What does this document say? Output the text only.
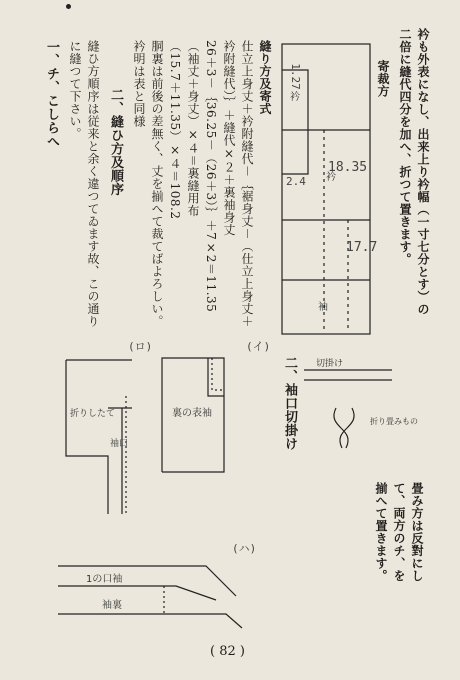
衿も外表になし、出来上り衿幅（一寸七分とす）の
二倍に縫代四分を加へ、折つて置きます。
寄裁方
衿
衿
袖
1.27
18.35
17.7
2.4
縫り方及寄式
仕立上身丈＋衿附縫代－｛裾身丈－（仕立上身丈＋
衿附縫代）｝＋縫代×２＋裏袖身丈
26＋3－｛36.25－（26＋3）｝＋7×2＝11.35
（袖丈＋身丈）×４＝裏縫用布
（15.7＋11.35）×４＝108.2
胴裏は前後の差無く、丈を揃へて裁てばよろしい。
衿明は表と同様
二、縫ひ方及順序
縫ひ方順序は従来と余く違つてゐます故、この通り
に縫つて下さい。
一、チ、こしらへ
(ロ)	(イ)
折りしたて
袖口
裏の表袖	二、袖口切掛け 切掛け
折り畳みもの
畳み方は反對にし
て、両方のチ、を
揃へて置きます。
(ハ)
1の口袖
袖裏
( 82 )
